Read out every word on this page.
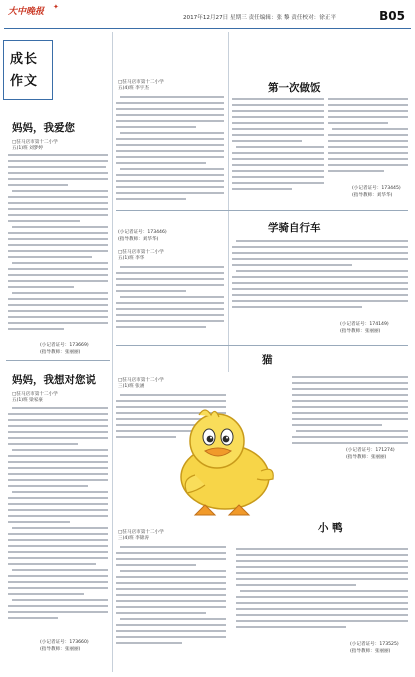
大中晚报	✦
成长
作文
2017年12月27日 星期三 责任编辑：张 黎 责任校对：徐正平	B05
妈妈，我爱您
□驻马店市第十二小学
五(1)班 刘梦婷
(小记者证号：173669)
(指导教师：张丽丽)
妈妈，我想对您说
□驻马店市第十二小学
五(1)班 梁家豪
(小记者证号：173660)
(指导教师：张丽丽)
□驻马店市第十二小学
五(4)班 李宇杰	第一次做饭
(小记者证号：173445)
(指导教师：刘华华)
(小记者证号：173446)
(指导教师：刘华华)
学骑自行车
□驻马店市第十二小学
五(1)班 李华
(小记者证号：174149)
(指导教师：张丽丽)
猫
□驻马店市第十二小学
三(1)班 张涵
(小记者证号：171274)
(指导教师：张丽丽)
小 鸭
□驻马店市第十二小学
三(4)班 李锦涛
(小记者证号：173525)
(指导教师：张丽丽)
